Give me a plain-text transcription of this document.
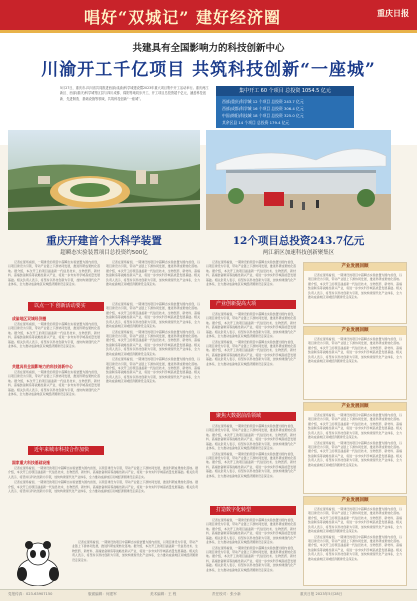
唱好“双城记” 建好经济圈	重庆日报
共建具有全国影响力的科技创新中心
川渝开工千亿项目 共筑科技创新“一座城”

5月27日，重庆市-四川省共同推进西部(成渝)科学城建设暨2023年重大项目集中开工活动举行。重庆两江新区、西部(重庆)科学城等区县与四川成都、绵阳等地同步开工，开工项目总投资超千亿元，涵盖科技创新、先进制造、基础设施等领域，共筑科技创新“一座城”。

集中开工 60 个项目 总投资 1054.5 亿元
西部(重庆)科学城 12 个项目 总投资 243.7 亿元
西部(成都)科学城 16 个项目 总投资 306.4 亿元
中国(绵阳)科技城 18 个项目 总投资 325.0 亿元
其余区县 14 个项目 总投资 179.4 亿元
重庆开建首个大科学装置
超瞬态实验装置项目总投资约500亿
12个项目总投资243.7亿元
两江新区加速科技创新聚集区

记者在现场看到，一期建设的项目中超瞬态实验装置为国内首创，以项目建设为引领，带动产业链上下游协同发展，推进科研成果转化落地。据介绍，本次开工的项目涵盖新一代信息技术、生物医药、新材料、高端装备制造等战略性新兴产业，将进一步夯实科学城高质量发展基础。相关负责人表示，将坚持以科技创新为引领，加快构建现代化产业体系，全力推动成渝地区双城经济圈建设走深走实。

记者在现场看到，一期建设的项目中超瞬态实验装置为国内首创，以项目建设为引领，带动产业链上下游协同发展，推进科研成果转化落地。据介绍，本次开工的项目涵盖新一代信息技术、生物医药、新材料、高端装备制造等战略性新兴产业，将进一步夯实科学城高质量发展基础。相关负责人表示，将坚持以科技创新为引领，加快构建现代化产业体系，全力推动成渝地区双城经济圈建设走深走实。

记者在现场看到，一期建设的项目中超瞬态实验装置为国内首创，以项目建设为引领，带动产业链上下游协同发展，推进科研成果转化落地。据介绍，本次开工的项目涵盖新一代信息技术、生物医药、新材料、高端装备制造等战略性新兴产业，将进一步夯实科学城高质量发展基础。相关负责人表示，将坚持以科技创新为引领，加快构建现代化产业体系，全力推动成渝地区双城经济圈建设走深走实。

以点一下 创新活动要实
成渝地区双城经济圈

记者在现场看到，一期建设的项目中超瞬态实验装置为国内首创，以项目建设为引领，带动产业链上下游协同发展，推进科研成果转化落地。据介绍，本次开工的项目涵盖新一代信息技术、生物医药、新材料、高端装备制造等战略性新兴产业，将进一步夯实科学城高质量发展基础。相关负责人表示，将坚持以科技创新为引领，加快构建现代化产业体系，全力推动成渝地区双城经济圈建设走深走实。

共建具有全国影响力的科技创新中心

记者在现场看到，一期建设的项目中超瞬态实验装置为国内首创，以项目建设为引领，带动产业链上下游协同发展，推进科研成果转化落地。据介绍，本次开工的项目涵盖新一代信息技术、生物医药、新材料、高端装备制造等战略性新兴产业，将进一步夯实科学城高质量发展基础。相关负责人表示，将坚持以科技创新为引领，加快构建现代化产业体系，全力推动成渝地区双城经济圈建设走深走实。

记者在现场看到，一期建设的项目中超瞬态实验装置为国内首创，以项目建设为引领，带动产业链上下游协同发展，推进科研成果转化落地。据介绍，本次开工的项目涵盖新一代信息技术、生物医药、新材料、高端装备制造等战略性新兴产业，将进一步夯实科学城高质量发展基础。相关负责人表示，将坚持以科技创新为引领，加快构建现代化产业体系，全力推动成渝地区双城经济圈建设走深走实。

记者在现场看到，一期建设的项目中超瞬态实验装置为国内首创，以项目建设为引领，带动产业链上下游协同发展，推进科研成果转化落地。据介绍，本次开工的项目涵盖新一代信息技术、生物医药、新材料、高端装备制造等战略性新兴产业，将进一步夯实科学城高质量发展基础。相关负责人表示，将坚持以科技创新为引领，加快构建现代化产业体系，全力推动成渝地区双城经济圈建设走深走实。

记者在现场看到，一期建设的项目中超瞬态实验装置为国内首创，以项目建设为引领，带动产业链上下游协同发展，推进科研成果转化落地。据介绍，本次开工的项目涵盖新一代信息技术、生物医药、新材料、高端装备制造等战略性新兴产业，将进一步夯实科学城高质量发展基础。相关负责人表示，将坚持以科技创新为引领，加快构建现代化产业体系，全力推动成渝地区双城经济圈建设走深走实。

近年来城市科技合作加快
国家重大科技基础设施

记者在现场看到，一期建设的项目中超瞬态实验装置为国内首创，以项目建设为引领，带动产业链上下游协同发展，推进科研成果转化落地。据介绍，本次开工的项目涵盖新一代信息技术、生物医药、新材料、高端装备制造等战略性新兴产业，将进一步夯实科学城高质量发展基础。相关负责人表示，将坚持以科技创新为引领，加快构建现代化产业体系，全力推动成渝地区双城经济圈建设走深走实。

记者在现场看到，一期建设的项目中超瞬态实验装置为国内首创，以项目建设为引领，带动产业链上下游协同发展，推进科研成果转化落地。据介绍，本次开工的项目涵盖新一代信息技术、生物医药、新材料、高端装备制造等战略性新兴产业，将进一步夯实科学城高质量发展基础。相关负责人表示，将坚持以科技创新为引领，加快构建现代化产业体系，全力推动成渝地区双城经济圈建设走深走实。

记者在现场看到，一期建设的项目中超瞬态实验装置为国内首创，以项目建设为引领，带动产业链上下游协同发展，推进科研成果转化落地。据介绍，本次开工的项目涵盖新一代信息技术、生物医药、新材料、高端装备制造等战略性新兴产业，将进一步夯实科学城高质量发展基础。相关负责人表示，将坚持以科技创新为引领，加快构建现代化产业体系，全力推动成渝地区双城经济圈建设走深走实。

产业创新提高大项

记者在现场看到，一期建设的项目中超瞬态实验装置为国内首创，以项目建设为引领，带动产业链上下游协同发展，推进科研成果转化落地。据介绍，本次开工的项目涵盖新一代信息技术、生物医药、新材料、高端装备制造等战略性新兴产业，将进一步夯实科学城高质量发展基础。相关负责人表示，将坚持以科技创新为引领，加快构建现代化产业体系，全力推动成渝地区双城经济圈建设走深走实。

记者在现场看到，一期建设的项目中超瞬态实验装置为国内首创，以项目建设为引领，带动产业链上下游协同发展，推进科研成果转化落地。据介绍，本次开工的项目涵盖新一代信息技术、生物医药、新材料、高端装备制造等战略性新兴产业，将进一步夯实科学城高质量发展基础。相关负责人表示，将坚持以科技创新为引领，加快构建现代化产业体系，全力推动成渝地区双城经济圈建设走深走实。

聚焦大数据前沿领域

记者在现场看到，一期建设的项目中超瞬态实验装置为国内首创，以项目建设为引领，带动产业链上下游协同发展，推进科研成果转化落地。据介绍，本次开工的项目涵盖新一代信息技术、生物医药、新材料、高端装备制造等战略性新兴产业，将进一步夯实科学城高质量发展基础。相关负责人表示，将坚持以科技创新为引领，加快构建现代化产业体系，全力推动成渝地区双城经济圈建设走深走实。

记者在现场看到，一期建设的项目中超瞬态实验装置为国内首创，以项目建设为引领，带动产业链上下游协同发展，推进科研成果转化落地。据介绍，本次开工的项目涵盖新一代信息技术、生物医药、新材料、高端装备制造等战略性新兴产业，将进一步夯实科学城高质量发展基础。相关负责人表示，将坚持以科技创新为引领，加快构建现代化产业体系，全力推动成渝地区双城经济圈建设走深走实。

打造数字化转型

记者在现场看到，一期建设的项目中超瞬态实验装置为国内首创，以项目建设为引领，带动产业链上下游协同发展，推进科研成果转化落地。据介绍，本次开工的项目涵盖新一代信息技术、生物医药、新材料、高端装备制造等战略性新兴产业，将进一步夯实科学城高质量发展基础。相关负责人表示，将坚持以科技创新为引领，加快构建现代化产业体系，全力推动成渝地区双城经济圈建设走深走实。

记者在现场看到，一期建设的项目中超瞬态实验装置为国内首创，以项目建设为引领，带动产业链上下游协同发展，推进科研成果转化落地。据介绍，本次开工的项目涵盖新一代信息技术、生物医药、新材料、高端装备制造等战略性新兴产业，将进一步夯实科学城高质量发展基础。相关负责人表示，将坚持以科技创新为引领，加快构建现代化产业体系，全力推动成渝地区双城经济圈建设走深走实。

产业发展回顾

记者在现场看到，一期建设的项目中超瞬态实验装置为国内首创，以项目建设为引领，带动产业链上下游协同发展，推进科研成果转化落地。据介绍，本次开工的项目涵盖新一代信息技术、生物医药、新材料、高端装备制造等战略性新兴产业，将进一步夯实科学城高质量发展基础。相关负责人表示，将坚持以科技创新为引领，加快构建现代化产业体系，全力推动成渝地区双城经济圈建设走深走实。

产业发展回顾

记者在现场看到，一期建设的项目中超瞬态实验装置为国内首创，以项目建设为引领，带动产业链上下游协同发展，推进科研成果转化落地。据介绍，本次开工的项目涵盖新一代信息技术、生物医药、新材料、高端装备制造等战略性新兴产业，将进一步夯实科学城高质量发展基础。相关负责人表示，将坚持以科技创新为引领，加快构建现代化产业体系，全力推动成渝地区双城经济圈建设走深走实。

产业发展回顾

记者在现场看到，一期建设的项目中超瞬态实验装置为国内首创，以项目建设为引领，带动产业链上下游协同发展，推进科研成果转化落地。据介绍，本次开工的项目涵盖新一代信息技术、生物医药、新材料、高端装备制造等战略性新兴产业，将进一步夯实科学城高质量发展基础。相关负责人表示，将坚持以科技创新为引领，加快构建现代化产业体系，全力推动成渝地区双城经济圈建设走深走实。

记者在现场看到，一期建设的项目中超瞬态实验装置为国内首创，以项目建设为引领，带动产业链上下游协同发展，推进科研成果转化落地。据介绍，本次开工的项目涵盖新一代信息技术、生物医药、新材料、高端装备制造等战略性新兴产业，将进一步夯实科学城高质量发展基础。相关负责人表示，将坚持以科技创新为引领，加快构建现代化产业体系，全力推动成渝地区双城经济圈建设走深走实。

产业发展回顾

记者在现场看到，一期建设的项目中超瞬态实验装置为国内首创，以项目建设为引领，带动产业链上下游协同发展，推进科研成果转化落地。据介绍，本次开工的项目涵盖新一代信息技术、生物医药、新材料、高端装备制造等战略性新兴产业，将进一步夯实科学城高质量发展基础。相关负责人表示，将坚持以科技创新为引领，加快构建现代化产业体系，全力推动成渝地区双城经济圈建设走深走实。

记者在现场看到，一期建设的项目中超瞬态实验装置为国内首创，以项目建设为引领，带动产业链上下游协同发展，推进科研成果转化落地。据介绍，本次开工的项目涵盖新一代信息技术、生物医药、新材料、高端装备制造等战略性新兴产业，将进一步夯实科学城高质量发展基础。相关负责人表示，将坚持以科技创新为引领，加快构建现代化产业体系，全力推动成渝地区双城经济圈建设走深走实。

党报传真：023-63907150	版面编辑：何建军	美术编辑：王 程	责任校对：张小新	重庆日报 2023年5月28日
